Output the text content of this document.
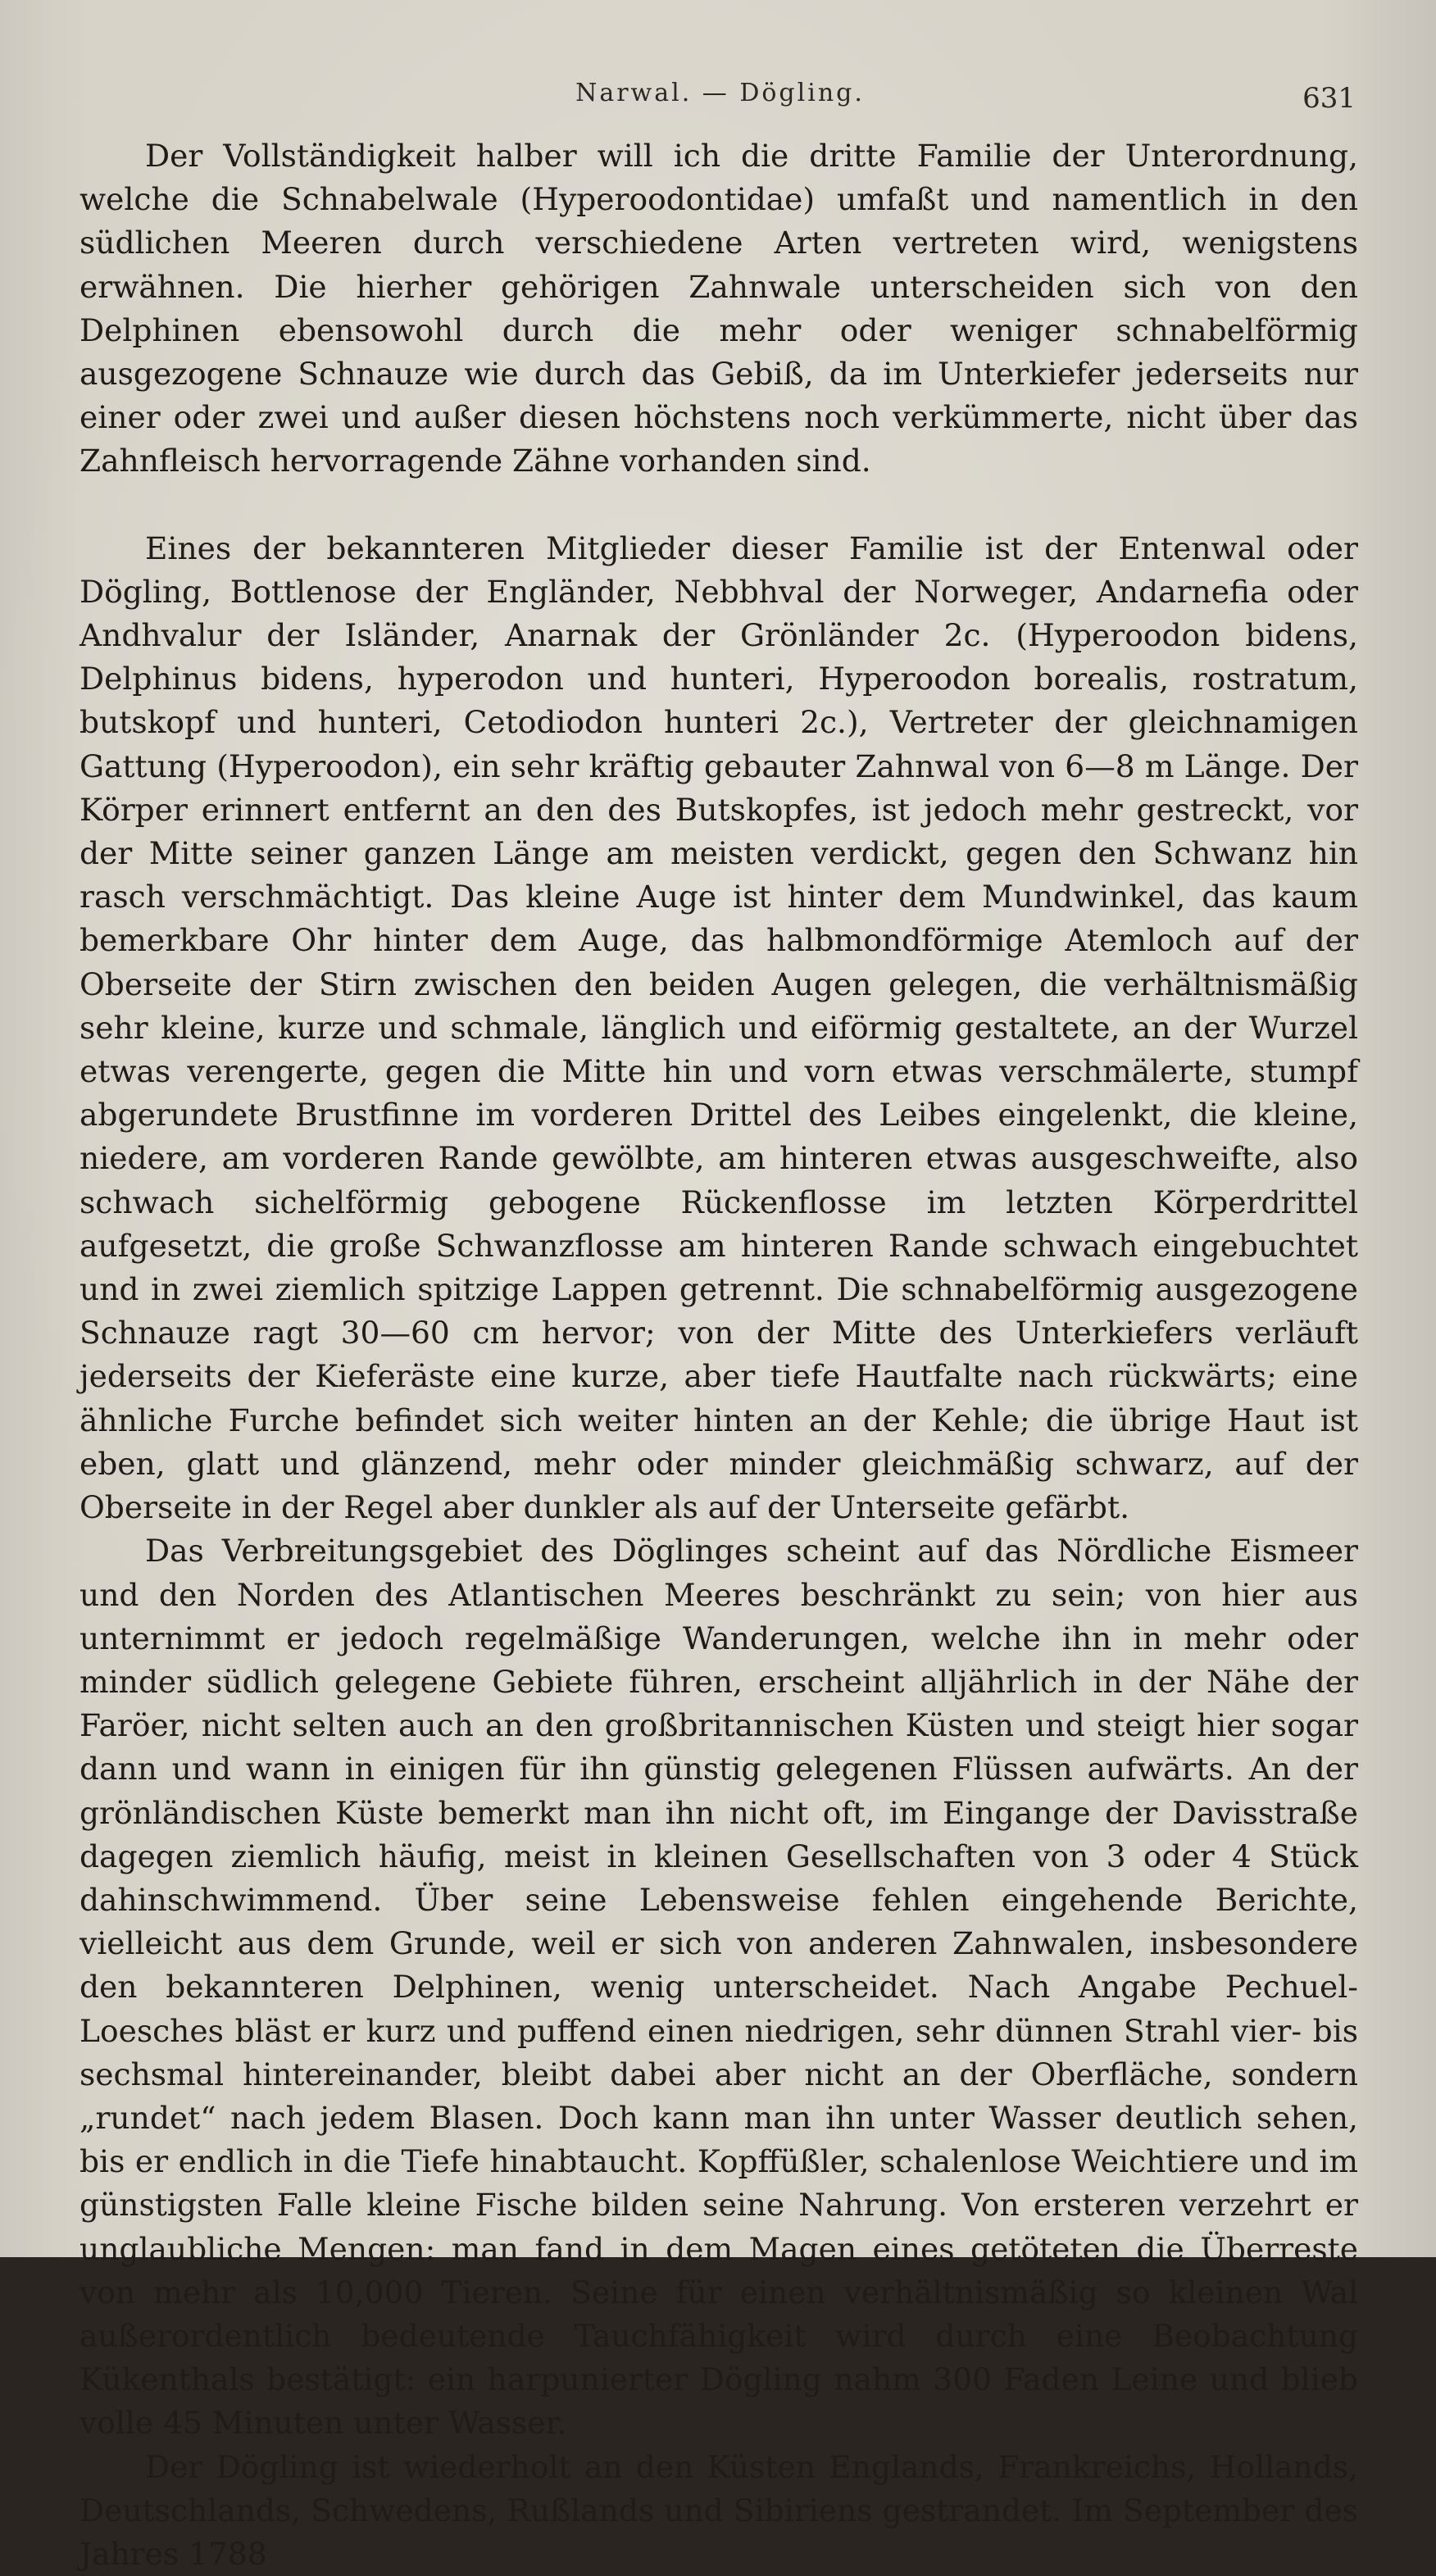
Narwal. — Dögling.	631

Der Vollständigkeit halber will ich die dritte Familie der Unterordnung, welche die Schnabelwale (Hyperoodontidae) umfaßt und namentlich in den südlichen Meeren durch verschiedene Arten vertreten wird, wenigstens erwähnen. Die hierher gehörigen Zahnwale unterscheiden sich von den Delphinen ebensowohl durch die mehr oder weniger schnabelförmig ausgezogene Schnauze wie durch das Gebiß, da im Unterkiefer jederseits nur einer oder zwei und außer diesen höchstens noch verkümmerte, nicht über das Zahnfleisch hervorragende Zähne vorhanden sind.

Eines der bekannteren Mitglieder dieser Familie ist der Entenwal oder Dögling, Bottlenose der Engländer, Nebbhval der Norweger, Andarnefia oder Andhvalur der Isländer, Anarnak der Grönländer 2c. (Hyperoodon bidens, Delphinus bidens, hyperodon und hunteri, Hyperoodon borealis, rostratum, butskopf und hunteri, Cetodiodon hunteri 2c.), Vertreter der gleichnamigen Gattung (Hyperoodon), ein sehr kräftig gebauter Zahnwal von 6—8 m Länge. Der Körper erinnert entfernt an den des Butskopfes, ist jedoch mehr gestreckt, vor der Mitte seiner ganzen Länge am meisten verdickt, gegen den Schwanz hin rasch verschmächtigt. Das kleine Auge ist hinter dem Mundwinkel, das kaum bemerkbare Ohr hinter dem Auge, das halbmondförmige Atemloch auf der Oberseite der Stirn zwischen den beiden Augen gelegen, die verhältnismäßig sehr kleine, kurze und schmale, länglich und eiförmig gestaltete, an der Wurzel etwas verengerte, gegen die Mitte hin und vorn etwas verschmälerte, stumpf abgerundete Brustfinne im vorderen Drittel des Leibes eingelenkt, die kleine, niedere, am vorderen Rande gewölbte, am hinteren etwas ausgeschweifte, also schwach sichelförmig gebogene Rückenflosse im letzten Körperdrittel aufgesetzt, die große Schwanzflosse am hinteren Rande schwach eingebuchtet und in zwei ziemlich spitzige Lappen getrennt. Die schnabelförmig ausgezogene Schnauze ragt 30—60 cm hervor; von der Mitte des Unterkiefers verläuft jederseits der Kieferäste eine kurze, aber tiefe Hautfalte nach rückwärts; eine ähnliche Furche befindet sich weiter hinten an der Kehle; die übrige Haut ist eben, glatt und glänzend, mehr oder minder gleichmäßig schwarz, auf der Oberseite in der Regel aber dunkler als auf der Unterseite gefärbt.

Das Verbreitungsgebiet des Döglinges scheint auf das Nördliche Eismeer und den Norden des Atlantischen Meeres beschränkt zu sein; von hier aus unternimmt er jedoch regelmäßige Wanderungen, welche ihn in mehr oder minder südlich gelegene Gebiete führen, erscheint alljährlich in der Nähe der Faröer, nicht selten auch an den großbritannischen Küsten und steigt hier sogar dann und wann in einigen für ihn günstig gelegenen Flüssen aufwärts. An der grönländischen Küste bemerkt man ihn nicht oft, im Eingange der Davisstraße dagegen ziemlich häufig, meist in kleinen Gesellschaften von 3 oder 4 Stück dahinschwimmend. Über seine Lebensweise fehlen eingehende Berichte, vielleicht aus dem Grunde, weil er sich von anderen Zahnwalen, insbesondere den bekannteren Delphinen, wenig unterscheidet. Nach Angabe Pechuel-Loesches bläst er kurz und puffend einen niedrigen, sehr dünnen Strahl vier- bis sechsmal hintereinander, bleibt dabei aber nicht an der Oberfläche, sondern „rundet“ nach jedem Blasen. Doch kann man ihn unter Wasser deutlich sehen, bis er endlich in die Tiefe hinabtaucht. Kopffüßler, schalenlose Weichtiere und im günstigsten Falle kleine Fische bilden seine Nahrung. Von ersteren verzehrt er unglaubliche Mengen: man fand in dem Magen eines getöteten die Überreste von mehr als 10,000 Tieren. Seine für einen verhältnismäßig so kleinen Wal außerordentlich bedeutende Tauchfähigkeit wird durch eine Beobachtung Kükenthals bestätigt: ein harpunierter Dögling nahm 300 Faden Leine und blieb volle 45 Minuten unter Wasser.

Der Dögling ist wiederholt an den Küsten Englands, Frankreichs, Hollands, Deutschlands, Schwedens, Rußlands und Sibiriens gestrandet. Im September des Jahres 1788
